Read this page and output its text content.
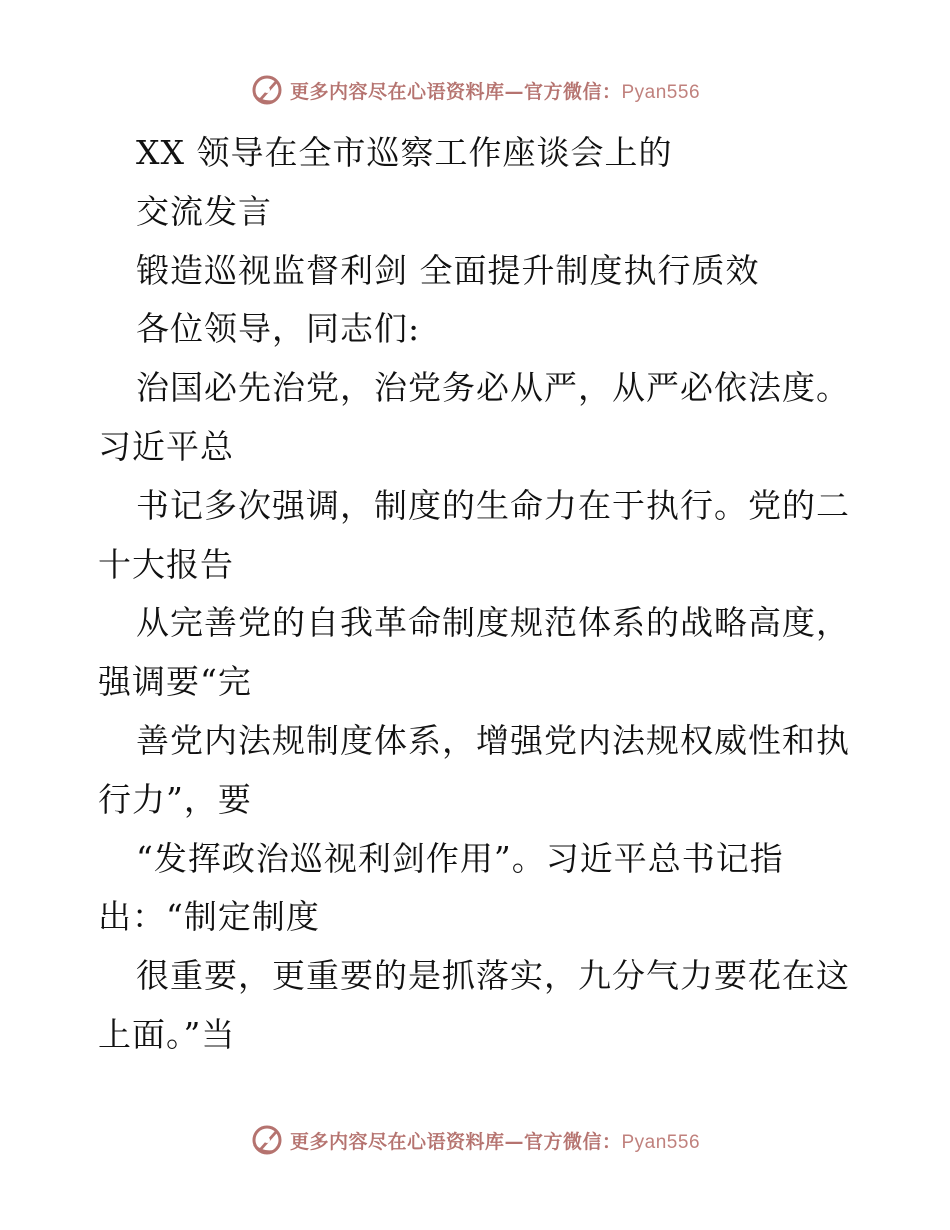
更多内容尽在心语资料库—官方微信：Pyan556
XX 领导在全市巡察工作座谈会上的
交流发言
锻造巡视监督利剑 全面提升制度执行质效
各位领导，同志们:
治国必先治党，治党务必从严，从严必依法度。
习近平总
书记多次强调，制度的生命力在于执行。党的二
十大报告
从完善党的自我革命制度规范体系的战略高度，
强调要“完
善党内法规制度体系，增强党内法规权威性和执
行力”，要
“发挥政治巡视利剑作用”。习近平总书记指
出：“制定制度
很重要，更重要的是抓落实，九分气力要花在这
上面。”当
更多内容尽在心语资料库—官方微信：Pyan556
